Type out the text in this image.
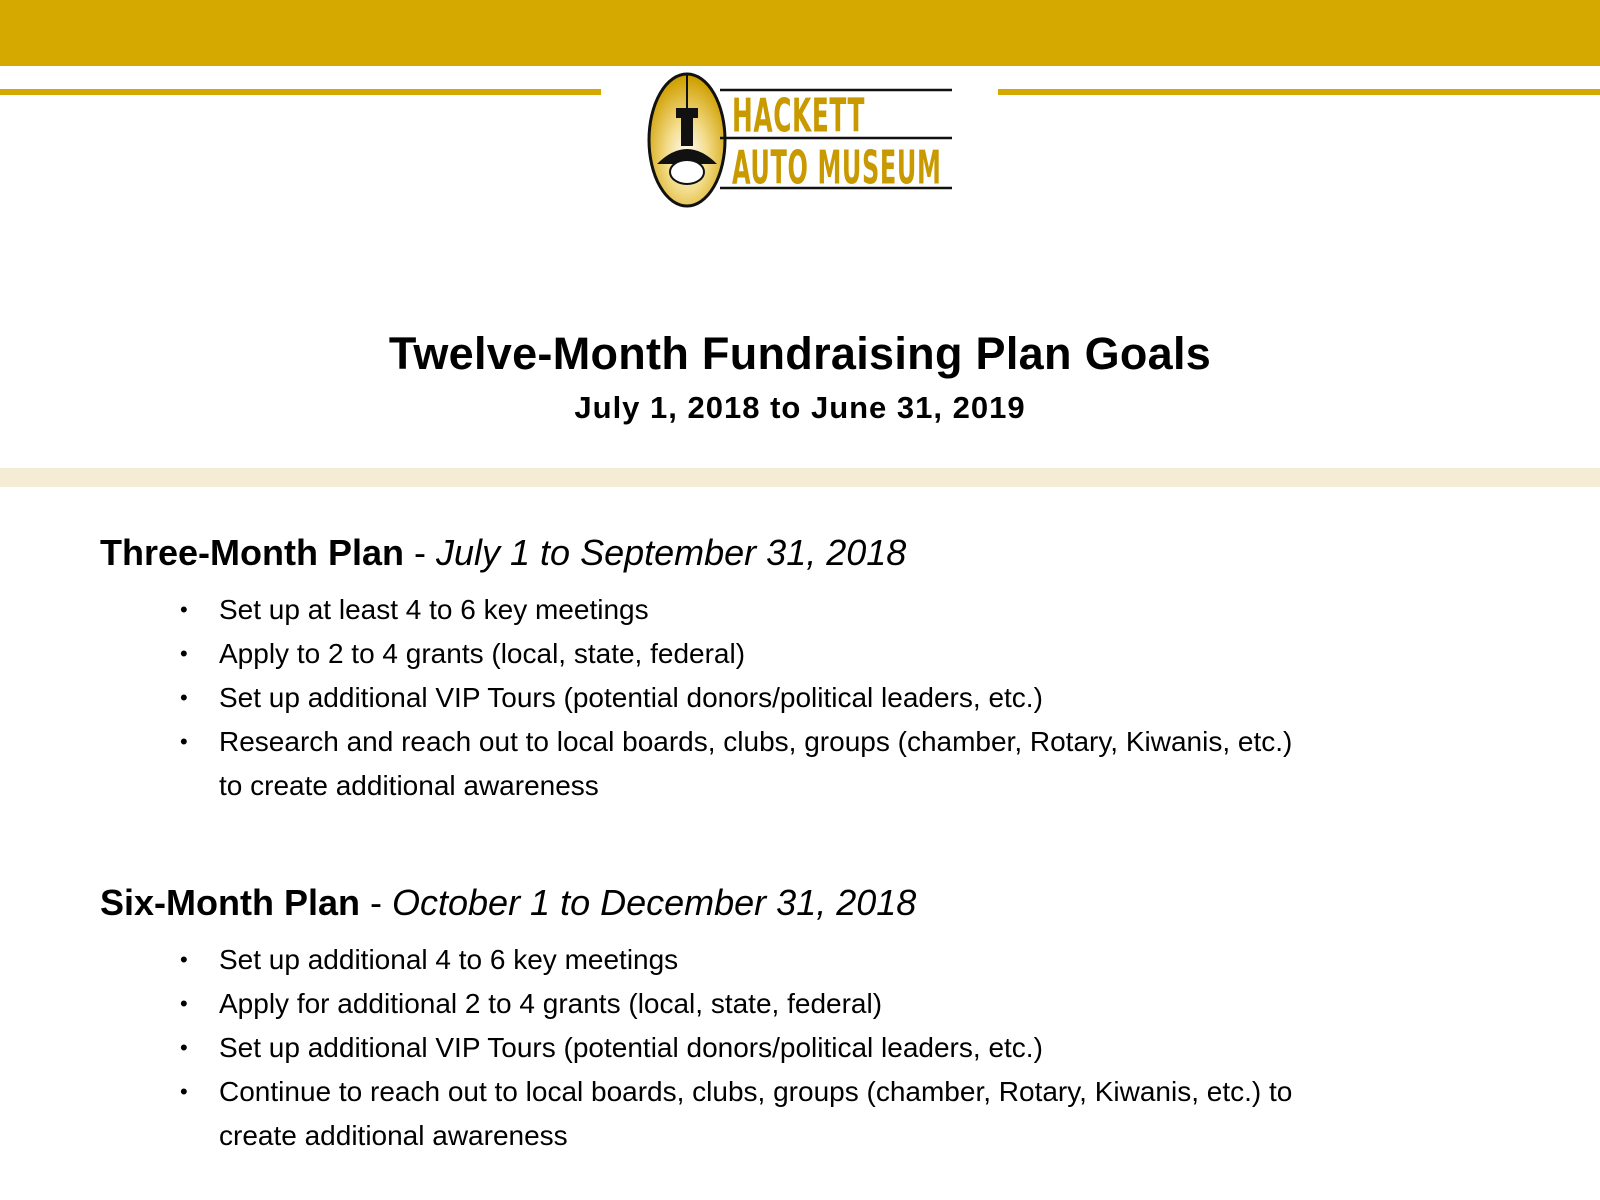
HACKETT
AUTO MUSEUM
Twelve-Month Fundraising Plan Goals
July 1, 2018 to June 31, 2019
Three-Month Plan - July 1 to September 31, 2018
• Set up at least 4 to 6 key meetings
• Apply to 2 to 4 grants (local, state, federal)
• Set up additional VIP Tours (potential donors/political leaders, etc.)
• Research and reach out to local boards, clubs, groups (chamber, Rotary, Kiwanis, etc.) to create additional awareness
Six-Month Plan - October 1 to December 31, 2018
• Set up additional 4 to 6 key meetings
• Apply for additional 2 to 4 grants (local, state, federal)
• Set up additional VIP Tours (potential donors/political leaders, etc.)
• Continue to reach out to local boards, clubs, groups (chamber, Rotary, Kiwanis, etc.) to create additional awareness
